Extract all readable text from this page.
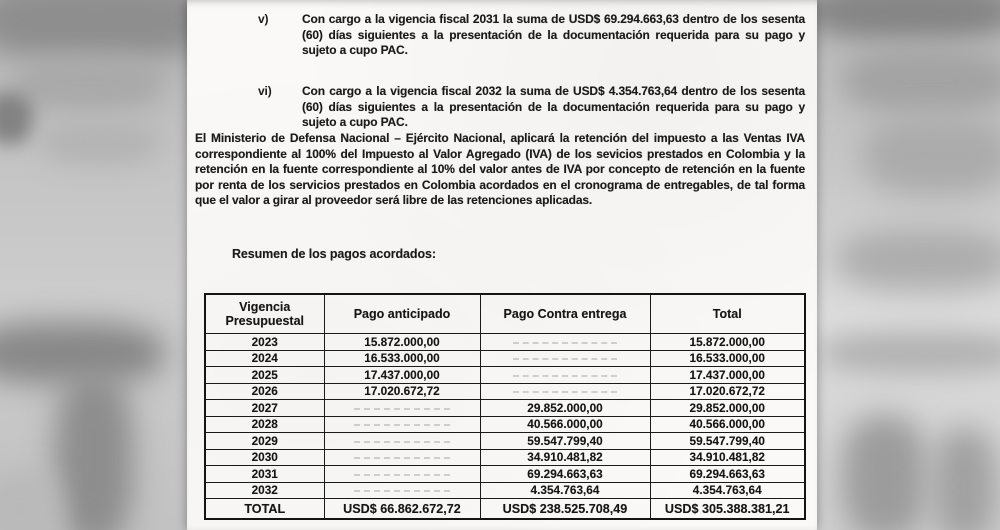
v)	Con cargo a la vigencia fiscal 2031 la suma de USD$ 69.294.663,63 dentro de los sesenta (60) días siguientes a la presentación de la documentación requerida para su pago y sujeto a cupo PAC.
vi)	Con cargo a la vigencia fiscal 2032 la suma de USD$ 4.354.763,64 dentro de los sesenta (60) días siguientes a la presentación de la documentación requerida para su pago y sujeto a cupo PAC.
El Ministerio de Defensa Nacional – Ejército Nacional, aplicará la retención del impuesto a las Ventas IVA correspondiente al 100% del Impuesto al Valor Agregado (IVA) de los sevicios prestados en Colombia y la retención en la fuente correspondiente al 10% del valor antes de IVA por concepto de retención en la fuente por renta de los servicios prestados en Colombia acordados en el cronograma de entregables, de tal forma que el valor a girar al proveedor será libre de las retenciones aplicadas.
Resumen de los pagos acordados:
Vigencia Presupuestal	Pago anticipado	Pago Contra entrega	Total
2023	15.872.000,00		15.872.000,00
2024	16.533.000,00		16.533.000,00
2025	17.437.000,00		17.437.000,00
2026	17.020.672,72		17.020.672,72
2027		29.852.000,00	29.852.000,00
2028		40.566.000,00	40.566.000,00
2029		59.547.799,40	59.547.799,40
2030		34.910.481,82	34.910.481,82
2031		69.294.663,63	69.294.663,63
2032		4.354.763,64	4.354.763,64
TOTAL	USD$ 66.862.672,72	USD$ 238.525.708,49	USD$ 305.388.381,21
